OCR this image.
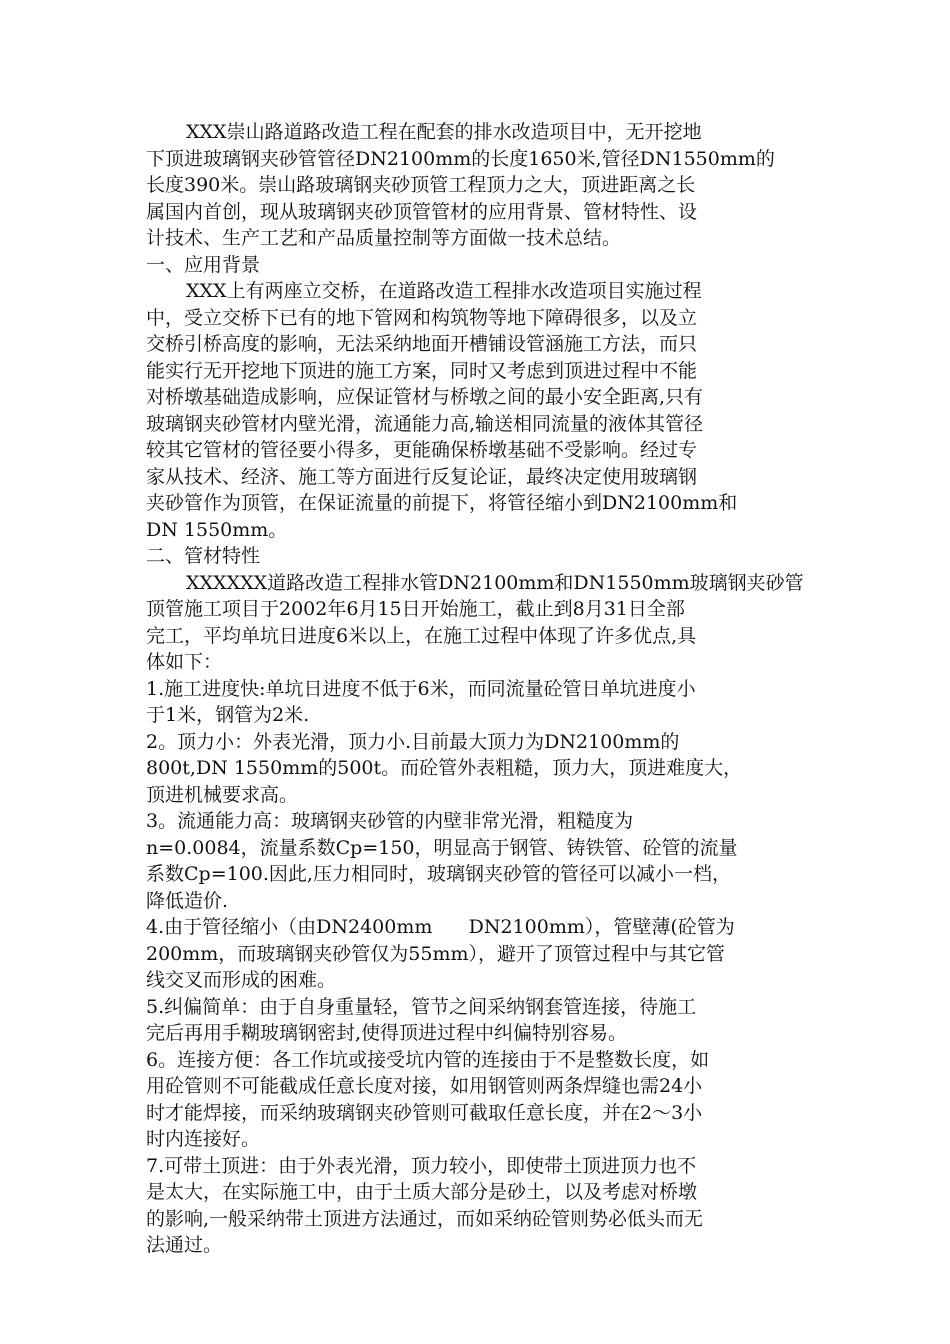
XXX崇山路道路改造工程在配套的排水改造项目中，无开挖地
下顶进玻璃钢夹砂管管径DN2100mm的长度1650米,管径DN1550mm的
长度390米。崇山路玻璃钢夹砂顶管工程顶力之大，顶进距离之长
属国内首创，现从玻璃钢夹砂顶管管材的应用背景、管材特性、设
计技术、生产工艺和产品质量控制等方面做一技术总结。
一、应用背景
XXX上有两座立交桥，在道路改造工程排水改造项目实施过程
中，受立交桥下已有的地下管网和构筑物等地下障碍很多，以及立
交桥引桥高度的影响，无法采纳地面开槽铺设管涵施工方法，而只
能实行无开挖地下顶进的施工方案，同时又考虑到顶进过程中不能
对桥墩基础造成影响，应保证管材与桥墩之间的最小安全距离,只有
玻璃钢夹砂管材内壁光滑，流通能力高,输送相同流量的液体其管径
较其它管材的管径要小得多，更能确保桥墩基础不受影响。经过专
家从技术、经济、施工等方面进行反复论证，最终决定使用玻璃钢
夹砂管作为顶管，在保证流量的前提下，将管径缩小到DN2100mm和
DN 1550mm。
二、管材特性
XXXXXX道路改造工程排水管DN2100mm和DN1550mm玻璃钢夹砂管
顶管施工项目于2002年6月15日开始施工，截止到8月31日全部
完工，平均单坑日进度6米以上，在施工过程中体现了许多优点,具
体如下：
1.施工进度快:单坑日进度不低于6米，而同流量砼管日单坑进度小
于1米，钢管为2米.
2。顶力小：外表光滑，顶力小.目前最大顶力为DN2100mm的
800t,DN 1550mm的500t。而砼管外表粗糙，顶力大，顶进难度大，
顶进机械要求高。
3。流通能力高：玻璃钢夹砂管的内壁非常光滑，粗糙度为
n=0.0084，流量系数Cp=150，明显高于钢管、铸铁管、砼管的流量
系数Cp=100.因此,压力相同时，玻璃钢夹砂管的管径可以减小一档，
降低造价.
4.由于管径缩小（由DN2400mm      DN2100mm），管壁薄(砼管为
200mm，而玻璃钢夹砂管仅为55mm），避开了顶管过程中与其它管
线交叉而形成的困难。
5.纠偏简单：由于自身重量轻，管节之间采纳钢套管连接，待施工
完后再用手糊玻璃钢密封,使得顶进过程中纠偏特别容易。
6。连接方便：各工作坑或接受坑内管的连接由于不是整数长度，如
用砼管则不可能截成任意长度对接，如用钢管则两条焊缝也需24小
时才能焊接，而采纳玻璃钢夹砂管则可截取任意长度，并在2～3小
时内连接好。
7.可带土顶进：由于外表光滑，顶力较小，即使带土顶进顶力也不
是太大，在实际施工中，由于土质大部分是砂土，以及考虑对桥墩
的影响,一般采纳带土顶进方法通过，而如采纳砼管则势必低头而无
法通过。
